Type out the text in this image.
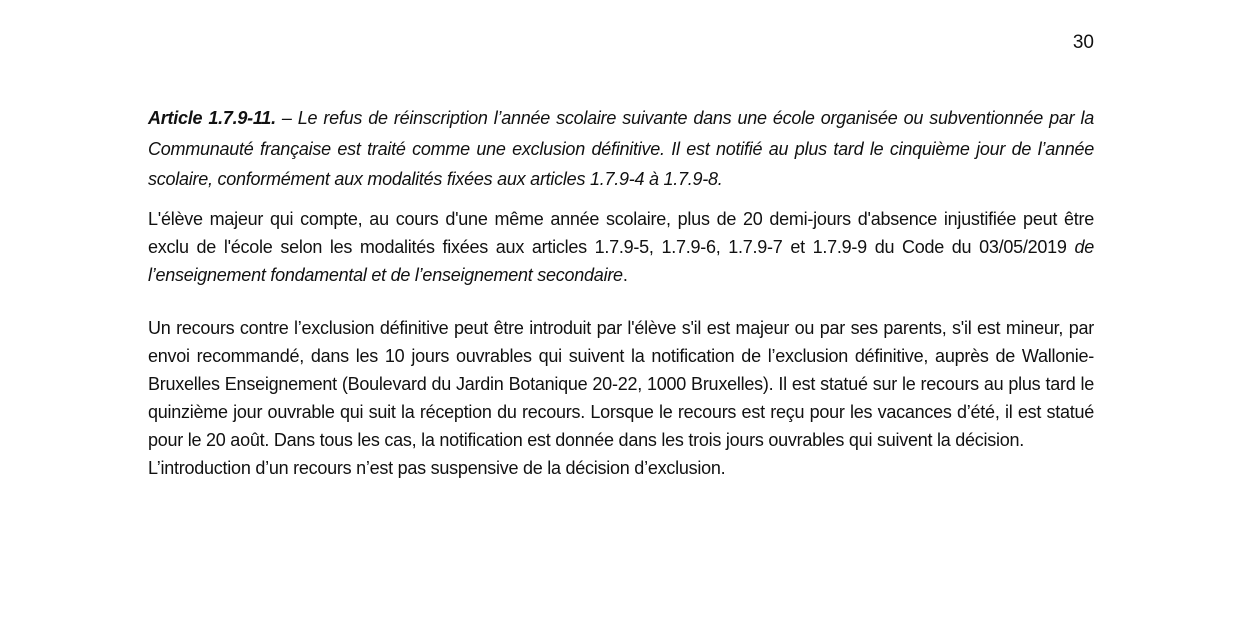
30

Article 1.7.9-11. – Le refus de réinscription l’année scolaire suivante dans une école organisée ou subventionnée par la Communauté française est traité comme une exclusion définitive. Il est notifié au plus tard le cinquième jour de l’année scolaire, conformément aux modalités fixées aux articles 1.7.9-4 à 1.7.9-8.

L'élève majeur qui compte, au cours d'une même année scolaire, plus de 20 demi-jours d'absence injustifiée peut être exclu de l'école selon les modalités fixées aux articles 1.7.9-5, 1.7.9-6, 1.7.9-7 et 1.7.9-9 du Code du 03/05/2019 de l’enseignement fondamental et de l’enseignement secondaire.

Un recours contre l’exclusion définitive peut être introduit par l'élève s'il est majeur ou par ses parents, s'il est mineur, par envoi recommandé, dans les 10 jours ouvrables qui suivent la notification de l’exclusion définitive, auprès de Wallonie-Bruxelles Enseignement (Boulevard du Jardin Botanique 20-22, 1000 Bruxelles). Il est statué sur le recours au plus tard le quinzième jour ouvrable qui suit la réception du recours. Lorsque le recours est reçu pour les vacances d’été, il est statué pour le 20 août. Dans tous les cas, la notification est donnée dans les trois jours ouvrables qui suivent la décision.
L’introduction d’un recours n’est pas suspensive de la décision d’exclusion.
